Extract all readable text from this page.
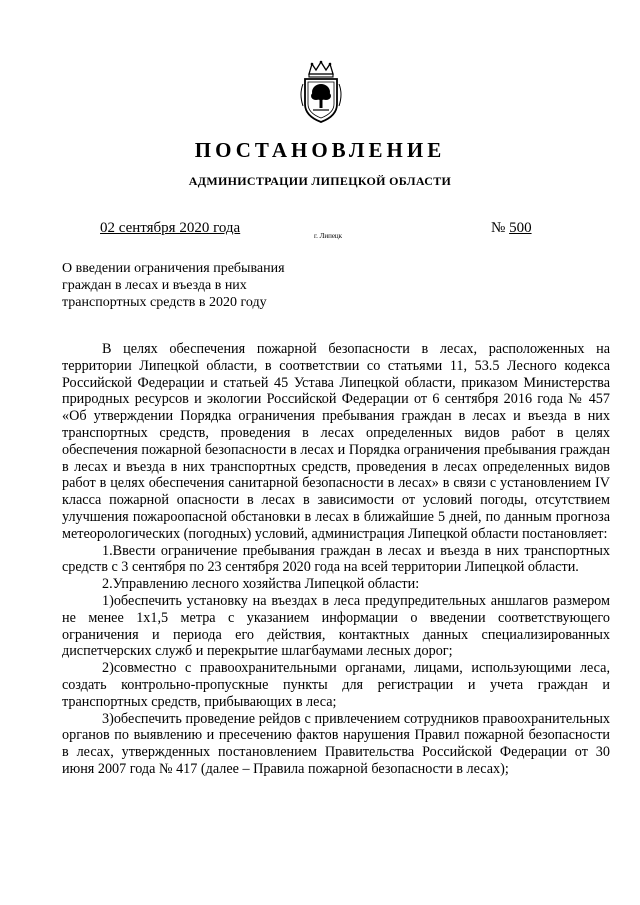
ПОСТАНОВЛЕНИЕ
АДМИНИСТРАЦИИ ЛИПЕЦКОЙ ОБЛАСТИ
02 сентября 2020 года	г. Липецк	№ 500
О введении ограничения пребывания граждан в лесах и въезда в них транспортных средств в 2020 году

В целях обеспечения пожарной безопасности в лесах, расположенных на территории Липецкой области, в соответствии со статьями 11, 53.5 Лесного кодекса Российской Федерации и статьей 45 Устава Липецкой области, приказом Министерства природных ресурсов и экологии Российской Федерации от 6 сентября 2016 года № 457 «Об утверждении Порядка ограничения пребывания граждан в лесах и въезда в них транспортных средств, проведения в лесах определенных видов работ в целях обеспечения пожарной безопасности в лесах и Порядка ограничения пребывания граждан в лесах и въезда в них транспортных средств, проведения в лесах определенных видов работ в целях обеспечения санитарной безопасности в лесах» в связи с установлением IV класса пожарной опасности в лесах в зависимости от условий погоды, отсутствием улучшения пожароопасной обстановки в лесах в ближайшие 5 дней, по данным прогноза метеорологических (погодных) условий, администрация Липецкой области постановляет:

1.Ввести ограничение пребывания граждан в лесах и въезда в них транспортных средств с 3 сентября по 23 сентября 2020 года на всей территории Липецкой области.

2.Управлению лесного хозяйства Липецкой области:

1)обеспечить установку на въездах в леса предупредительных аншлагов размером не менее 1x1,5 метра с указанием информации о введении соответствующего ограничения и периода его действия, контактных данных специализированных диспетчерских служб и перекрытие шлагбаумами лесных дорог;

2)совместно с правоохранительными органами, лицами, использующими леса, создать контрольно-пропускные пункты для регистрации и учета граждан и транспортных средств, прибывающих в леса;

3)обеспечить проведение рейдов с привлечением сотрудников правоохранительных органов по выявлению и пресечению фактов нарушения Правил пожарной безопасности в лесах, утвержденных постановлением Правительства Российской Федерации от 30 июня 2007 года № 417 (далее – Правила пожарной безопасности в лесах);
